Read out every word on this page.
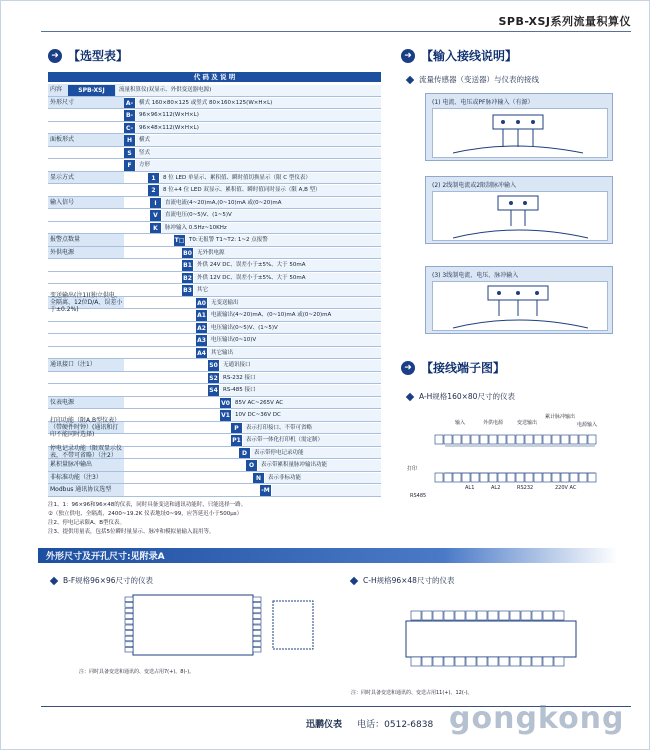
SPB-XSJ系列流量积算仪
➜ 【选型表】
代 码 及 说 明
内容	SPB-XSJ	流量积算仪(双显示、外供变送器电源)
外形尺寸	A-	横式 160×80×125 或竖式 80×160×125(W×H×L)
B-	96×96×112(W×H×L)
C-	96×48×112(W×H×L)
面板形式	H	横式
S	竖式
F	方形
显示方式	1	8 位 LED 单显示、累积值、瞬时值切换显示（限 C 型仪表）
2	8 位+4 位 LED 双显示、累积值、瞬时值同时显示（限 A,B 型）
输入信号	I	直流电流(4~20)mA,(0~10)mA 或(0~20)mA
V	直流电压(0~5)V、(1~5)V
K	脉冲输入 0.5Hz~10KHz
报警点数量	T□ T0:无报警 T1~T2: 1~2 点报警
外供电源	B0 无外供电源
B1 外供 24V DC、误差小于±5%、大于 50mA
B2 外供 12V DC、误差小于±5%、大于 50mA
B3 其它
变送输出(注1)(独立供电、全隔离、12位D/A、误差小于±0.2%)
A0 无变送输出
A1 电流输出(4~20)mA、(0~10)mA 或(0~20)mA
A2 电压输出(0~5)V、(1~5)V
A3 电压输出(0~10)V
A4 其它输出
通讯接口（注1）	S0 无通讯接口
S2 RS-232 接口
S4 RS-485 接口
仪表电源	V0 85V AC~265V AC
V1 10V DC~36V DC
打印功能（限A,B型仪表）（带硬件时钟）(通讯和打印不能同时选择)
P	表示打印接口、不带可省略
P1 表示带一体化打印机（需定制）
停电记录功能（限双显示仪表，不带可省略）（注2）	D	表示带停电记录功能
累积量脉冲输出	O	表示带累积量脉冲输出功能
非标准功能（注3）	N	表示非标功能
Modbus 通讯协议选型	-M
注1、1：96×96和96×48的仪表，同时具备变送和通讯功能时，只能选择一路。
②（独立供电、全隔离，2400~19.2K 仪表地址0~99，应答延迟小于500μs）
注2、停电记录限A、B型仪表。
注3、提供用量表，包括5位瞬时量显示、脉冲和模拟量输入混用等。
➜ 【输入接线说明】
流量传感器（变送器）与仪表的接线
(1) 电流、电压或PF脉冲输入（有源）
(2) 2线制电流或2限制脉冲输入
(3) 3线制电流、电压、脉冲输入
➜ 【接线端子图】
A-H规格160×80尺寸的仪表
打印
输入	外供电源	变送输出
累计脉冲输出
电源输入
AL1	AL2	RS232	220V AC
RS485
外形尺寸及开孔尺寸:见附录A
B-F规格96×96尺寸的仪表	C-H规格96×48尺寸的仪表
注：同时具备变送和通讯的、变送占用7(+)、8(-)。
注：同时具备变送和通讯的、变送占用11(+)、12(-)。
迅鹏仪表 电话：0512-6838 gongkong
